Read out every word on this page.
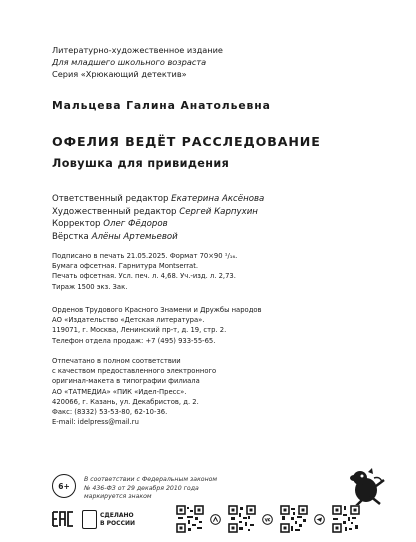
Литературно-художественное издание
Для младшего школьного возраста
Серия «Хрюкающий детектив»
Мальцева Галина Анатольевна
ОФЕЛИЯ ВЕДЁТ РАССЛЕДОВАНИЕ
Ловушка для привидения
Ответственный редактор Екатерина Аксёнова
Художественный редактор Сергей Карпухин
Корректор Олег Фёдоров
Вёрстка Алёны Артемьевой
Подписано в печать 21.05.2025. Формат 70×90 ¹/₁₆.
Бумага офсетная. Гарнитура Montserrat.
Печать офсетная. Усл. печ. л. 4,68. Уч.-изд. л. 2,73.
Тираж 1500 экз. Зак.
Орденов Трудового Красного Знамени и Дружбы народов
АО «Издательство «Детская литература».
119071, г. Москва, Ленинский пр-т, д. 19, стр. 2.
Телефон отдела продаж: +7 (495) 933-55-65.
Отпечатано в полном соответствии
с качеством предоставленного электронного
оригинал-макета в типографии филиала
АО «ТАТМЕДИА» «ПИК «Идел-Пресс».
420066, г. Казань, ул. Декабристов, д. 2.
Факс: (8332) 53-53-80, 62-10-36.
E-mail: idelpress@mail.ru
6+
В соответствии с Федеральным законом
№ 436-ФЗ от 29 декабря 2010 года
маркируется знаком
СДЕЛАНО
В РОССИИ
